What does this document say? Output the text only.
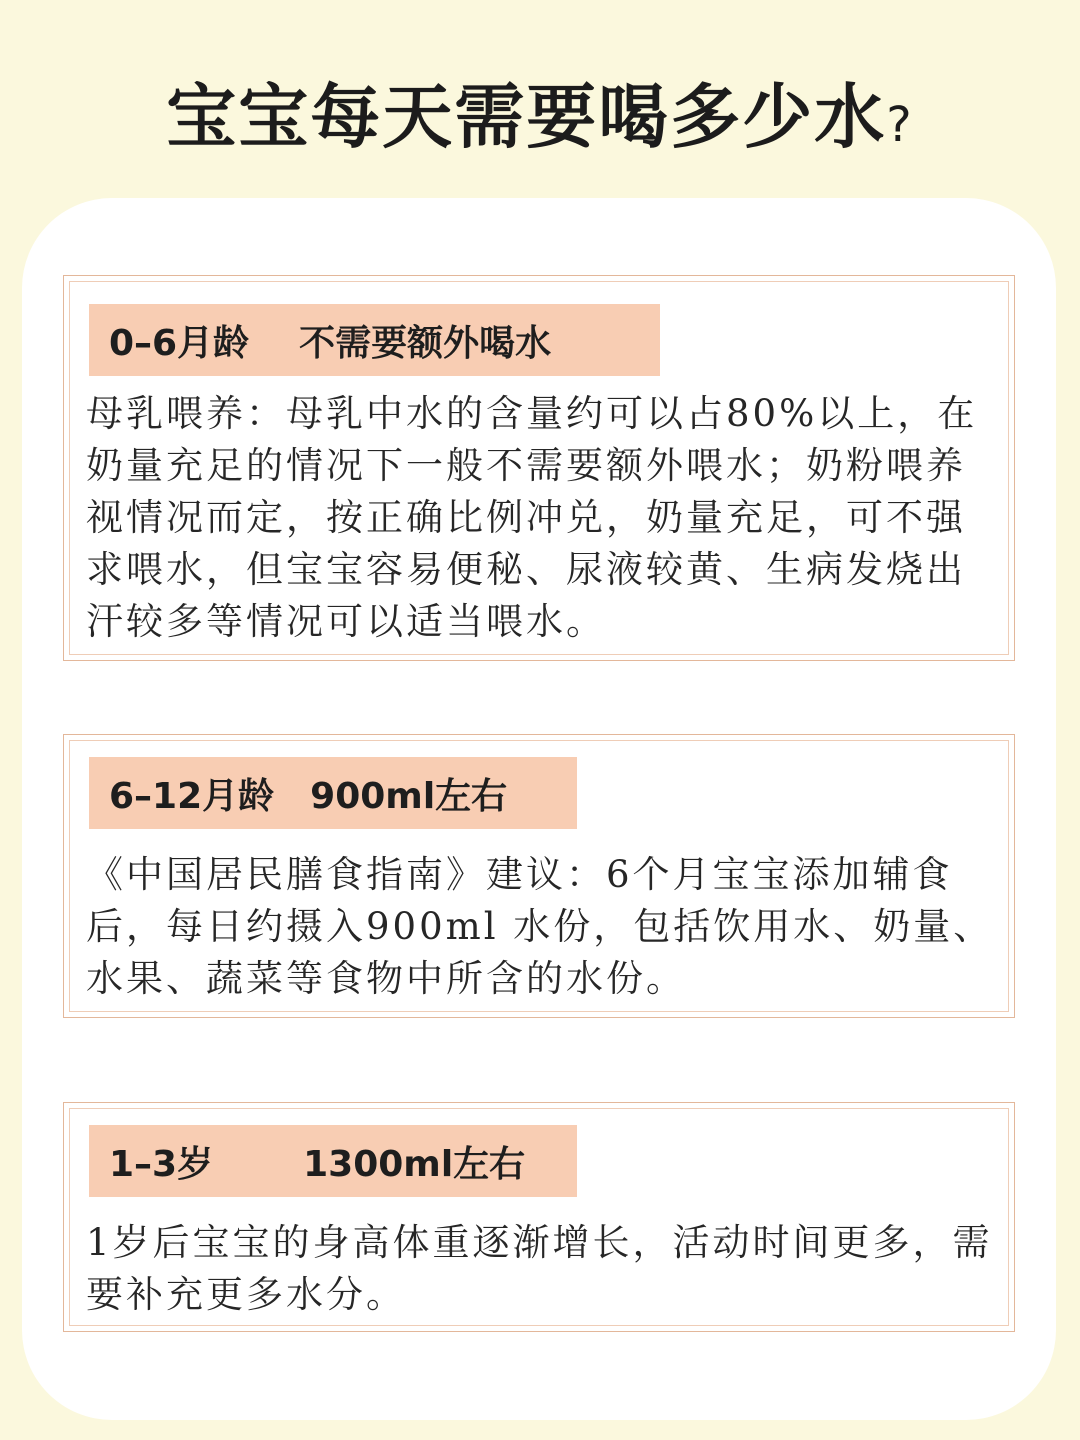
宝宝每天需要喝多少水?
0–6月龄 不需要额外喝水
母乳喂养：母乳中水的含量约可以占80%以上，在奶量充足的情况下一般不需要额外喂水；奶粉喂养视情况而定，按正确比例冲兑，奶量充足，可不强求喂水，但宝宝容易便秘、尿液较黄、生病发烧出汗较多等情况可以适当喂水。
6–12月龄 900ml左右
《中国居民膳食指南》建议：6个月宝宝添加辅食后，每日约摄入900ml 水份，包括饮用水、奶量、水果、蔬菜等食物中所含的水份。
1–3岁	1300ml左右
1岁后宝宝的身高体重逐渐增长，活动时间更多，需要补充更多水分。
